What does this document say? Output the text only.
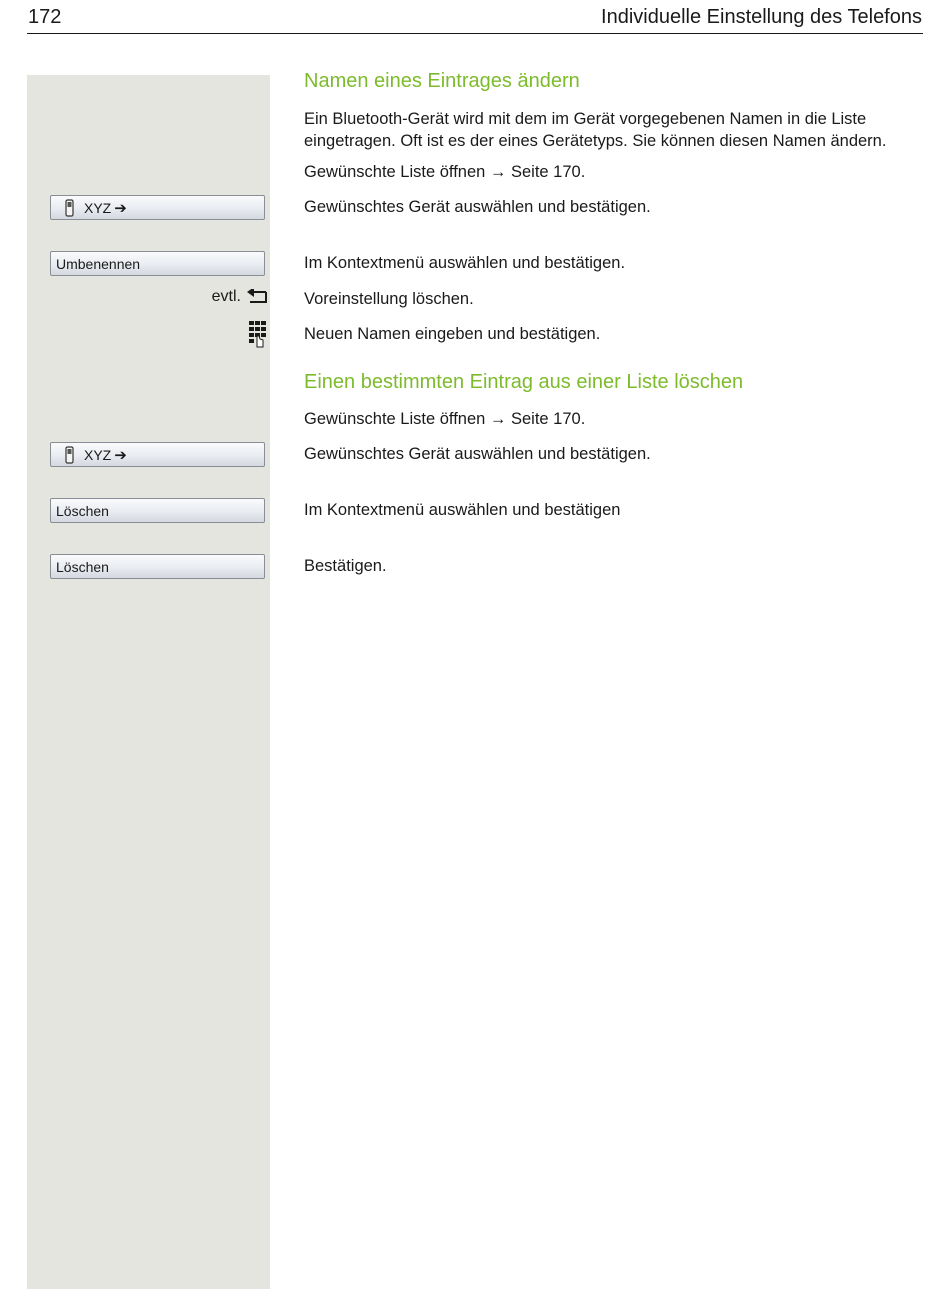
172	Individuelle Einstellung des Telefons
Namen eines Eintrages ändern

Ein Bluetooth-Gerät wird mit dem im Gerät vorgegebenen Namen in die Liste eingetragen. Oft ist es der eines Gerätetyps. Sie können diesen Namen ändern.

Gewünschte Liste öffnen → Seite 170.

XYZ ➔	Gewünschtes Gerät auswählen und bestätigen.

Umbenennen	Im Kontextmenü auswählen und bestätigen.

evtl.	Voreinstellung löschen.

Neuen Namen eingeben und bestätigen.

Einen bestimmten Eintrag aus einer Liste löschen

Gewünschte Liste öffnen → Seite 170.

XYZ ➔	Gewünschtes Gerät auswählen und bestätigen.

Löschen	Im Kontextmenü auswählen und bestätigen

Löschen	Bestätigen.
